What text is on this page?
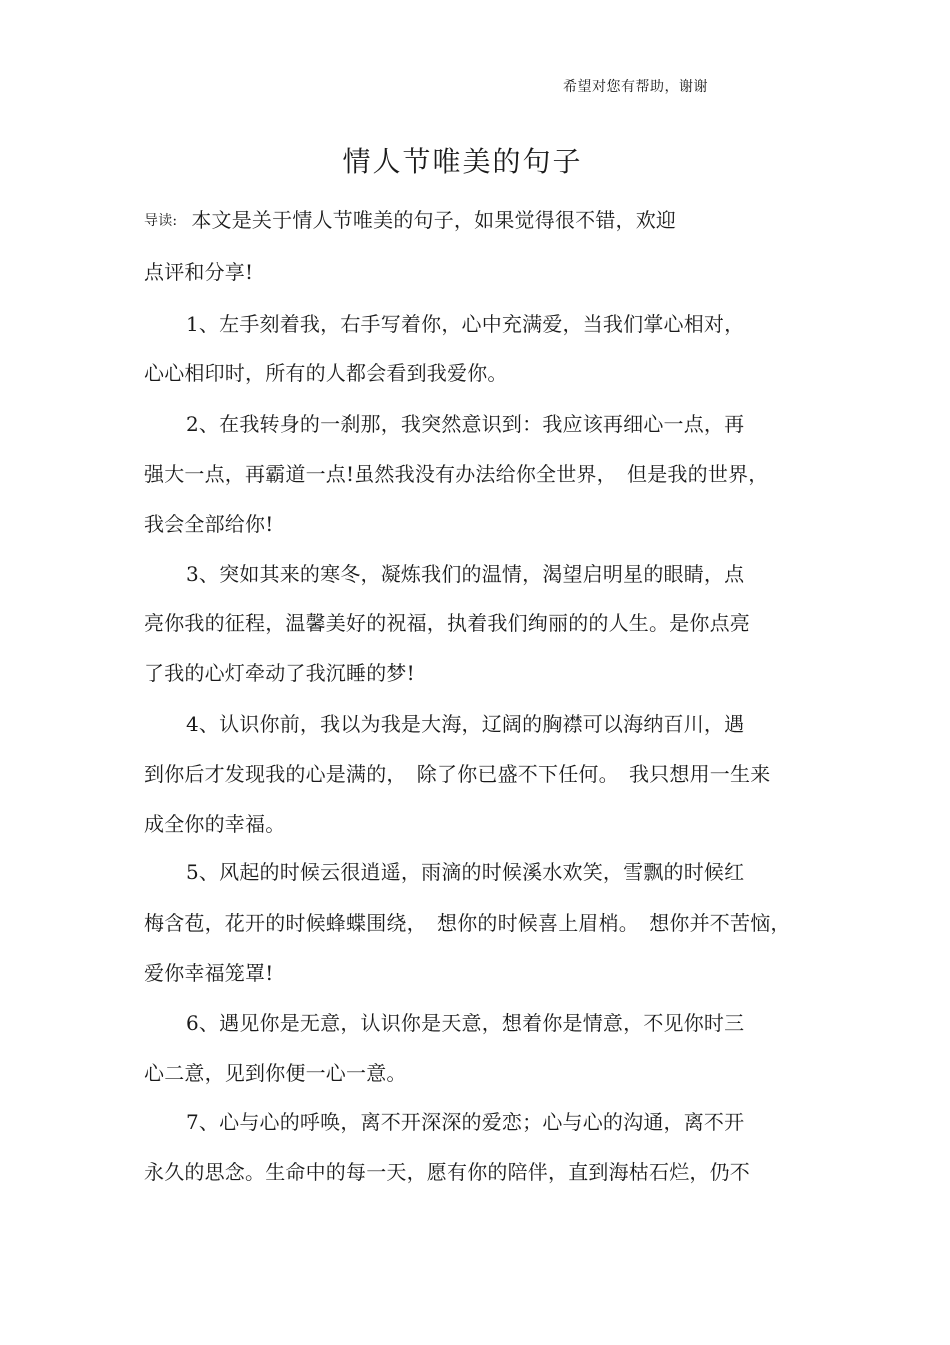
希望对您有帮助，谢谢
情人节唯美的句子
导读: 本文是关于情人节唯美的句子，如果觉得很不错，欢迎
点评和分享!
1、左手刻着我，右手写着你，心中充满爱，当我们掌心相对，
心心相印时，所有的人都会看到我爱你。
2、在我转身的一刹那，我突然意识到：我应该再细心一点，再
强大一点，再霸道一点!虽然我没有办法给你全世界，　但是我的世界，
我会全部给你!
3、突如其来的寒冬，凝炼我们的温情，渴望启明星的眼睛，点
亮你我的征程，温馨美好的祝福，执着我们绚丽的的人生。是你点亮
了我的心灯牵动了我沉睡的梦!
4、认识你前，我以为我是大海，辽阔的胸襟可以海纳百川，遇
到你后才发现我的心是满的，　除了你已盛不下任何。　我只想用一生来
成全你的幸福。
5、风起的时候云很逍遥，雨滴的时候溪水欢笑，雪飘的时候红
梅含苞，花开的时候蜂蝶围绕，　想你的时候喜上眉梢。　想你并不苦恼，
爱你幸福笼罩!
6、遇见你是无意，认识你是天意，想着你是情意，不见你时三
心二意，见到你便一心一意。
7、心与心的呼唤，离不开深深的爱恋；心与心的沟通，离不开
永久的思念。生命中的每一天，愿有你的陪伴，直到海枯石烂，仍不
